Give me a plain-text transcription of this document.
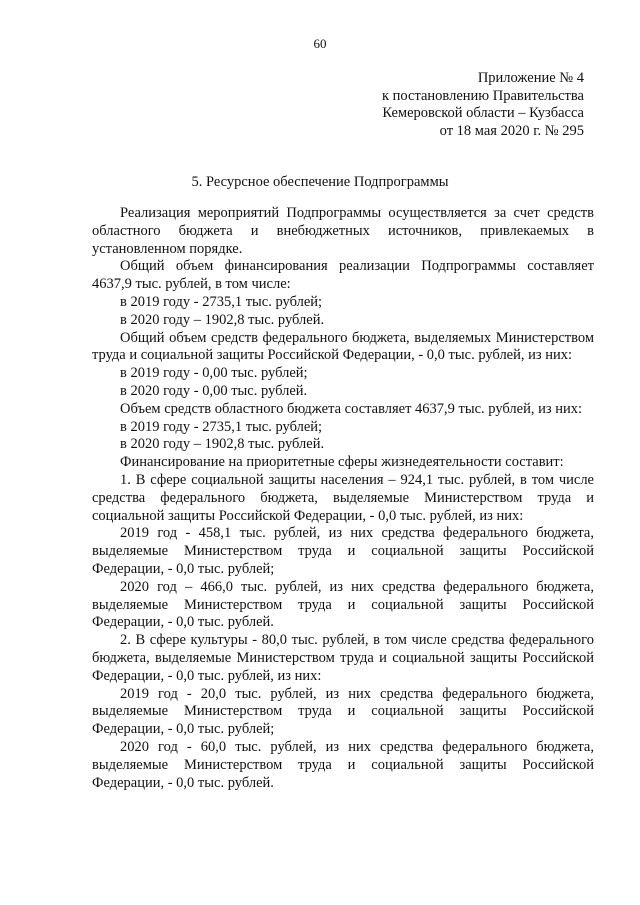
60
Приложение № 4
к постановлению Правительства
Кемеровской области – Кузбасса
от 18 мая 2020 г. № 295
5. Ресурсное обеспечение Подпрограммы

Реализация мероприятий Подпрограммы осуществляется за счет средств областного бюджета и внебюджетных источников, привлекаемых в установленном порядке.

Общий объем финансирования реализации Подпрограммы составляет 4637,9 тыс. рублей, в том числе:

в 2019 году - 2735,1 тыс. рублей;

в 2020 году – 1902,8 тыс. рублей.

Общий объем средств федерального бюджета, выделяемых Министерством труда и социальной защиты Российской Федерации, - 0,0 тыс. рублей, из них:

в 2019 году - 0,00 тыс. рублей;

в 2020 году - 0,00 тыс. рублей.

Объем средств областного бюджета составляет 4637,9 тыс. рублей, из них:

в 2019 году - 2735,1 тыс. рублей;

в 2020 году – 1902,8 тыс. рублей.

Финансирование на приоритетные сферы жизнедеятельности составит:

1. В сфере социальной защиты населения – 924,1 тыс. рублей, в том числе средства федерального бюджета, выделяемые Министерством труда и социальной защиты Российской Федерации, - 0,0 тыс. рублей, из них:

2019 год - 458,1 тыс. рублей, из них средства федерального бюджета, выделяемые Министерством труда и социальной защиты Российской Федерации, - 0,0 тыс. рублей;

2020 год – 466,0 тыс. рублей, из них средства федерального бюджета, выделяемые Министерством труда и социальной защиты Российской Федерации, - 0,0 тыс. рублей.

2. В сфере культуры - 80,0 тыс. рублей, в том числе средства федерального бюджета, выделяемые Министерством труда и социальной защиты Российской Федерации, - 0,0 тыс. рублей, из них:

2019 год - 20,0 тыс. рублей, из них средства федерального бюджета, выделяемые Министерством труда и социальной защиты Российской Федерации, - 0,0 тыс. рублей;

2020 год - 60,0 тыс. рублей, из них средства федерального бюджета, выделяемые Министерством труда и социальной защиты Российской Федерации, - 0,0 тыс. рублей.
